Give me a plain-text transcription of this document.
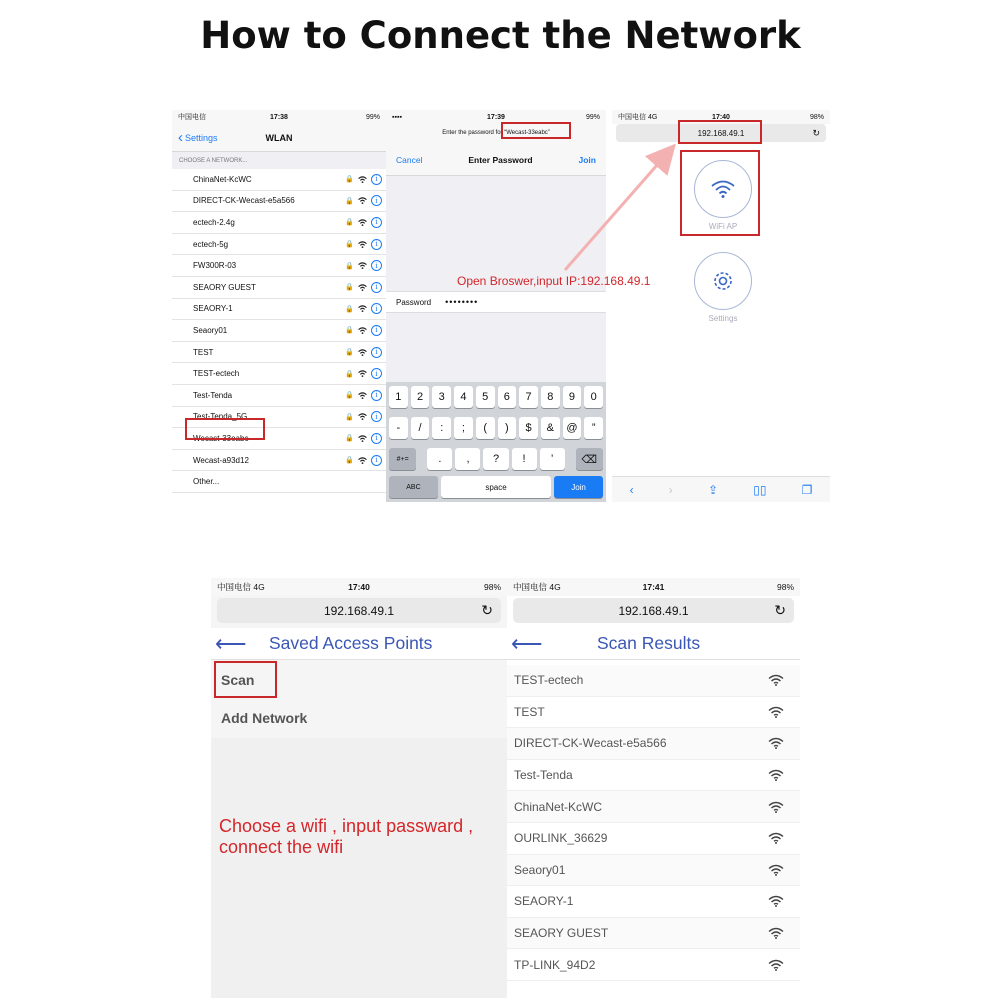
How to Connect the Network
中国电信	17:38	99%
‹ Settings	WLAN
CHOOSE A NETWORK...
ChinaNet-KcWC	🔒	i
DIRECT-CK-Wecast-e5a566	🔒	i
ectech-2.4g	🔒	i
ectech-5g	🔒	i
FW300R-03	🔒	i
SEAORY GUEST	🔒	i
SEAORY-1	🔒	i
Seaory01	🔒	i
TEST	🔒	i
TEST-ectech	🔒	i
Test-Tenda	🔒	i
Test-Tenda_5G	🔒	i
Wecast-33eabc	🔒	i
Wecast-a93d12	🔒	i
Other...
▪▪▪▪	17:39	99%
Enter the password for “Wecast-33eabc”
Cancel	Enter Password	Join
Password ••••••••
1	2	3	4	5	6	7	8	9	0
-	/	:	;	(	)	$	&	@	”
#+=	.	,	?	!	’	⌫
ABC	space	Join
中国电信 4G	17:40	98%
192.168.49.1	↻
WiFi AP
Settings
‹	›	⇪	▯▯	❐
Open Broswer,input IP:192.168.49.1
中国电信 4G	17:40	98%
192.168.49.1	↻
⟵	Saved Access Points
Scan
Add Network
Choose a wifi , input passward ,
connect the wifi
中国电信 4G	17:41	98%
192.168.49.1	↻
⟵	Scan Results
TEST-ectech
TEST
DIRECT-CK-Wecast-e5a566
Test-Tenda
ChinaNet-KcWC
OURLINK_36629
Seaory01
SEAORY-1
SEAORY GUEST
TP-LINK_94D2
